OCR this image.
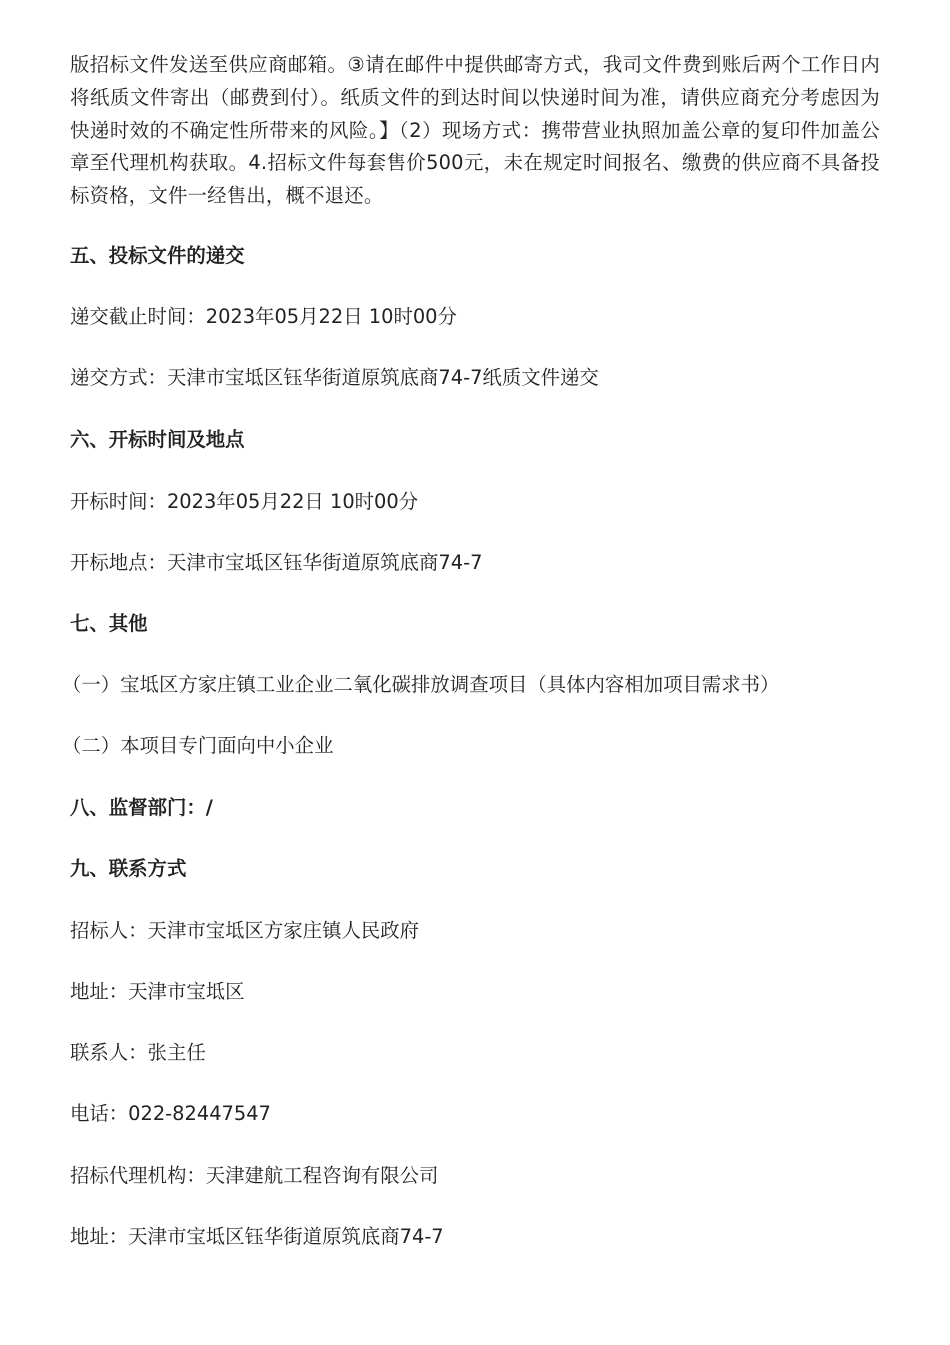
版招标文件发送至供应商邮箱。③请在邮件中提供邮寄方式，我司文件费到账后两个工作日内将纸质文件寄出（邮费到付）。纸质文件的到达时间以快递时间为准，请供应商充分考虑因为快递时效的不确定性所带来的风险。】（2）现场方式：携带营业执照加盖公章的复印件加盖公章至代理机构获取。4.招标文件每套售价500元，未在规定时间报名、缴费的供应商不具备投标资格，文件一经售出，概不退还。

五、投标文件的递交
递交截止时间：2023年05月22日 10时00分
递交方式：天津市宝坻区钰华街道原筑底商74-7纸质文件递交
六、开标时间及地点
开标时间：2023年05月22日 10时00分
开标地点：天津市宝坻区钰华街道原筑底商74-7
七、其他
（一）宝坻区方家庄镇工业企业二氧化碳排放调查项目（具体内容相加项目需求书）
（二）本项目专门面向中小企业
八、监督部门：/
九、联系方式
招标人：天津市宝坻区方家庄镇人民政府
地址：天津市宝坻区
联系人：张主任
电话：022-82447547
招标代理机构：天津建航工程咨询有限公司
地址：天津市宝坻区钰华街道原筑底商74-7
